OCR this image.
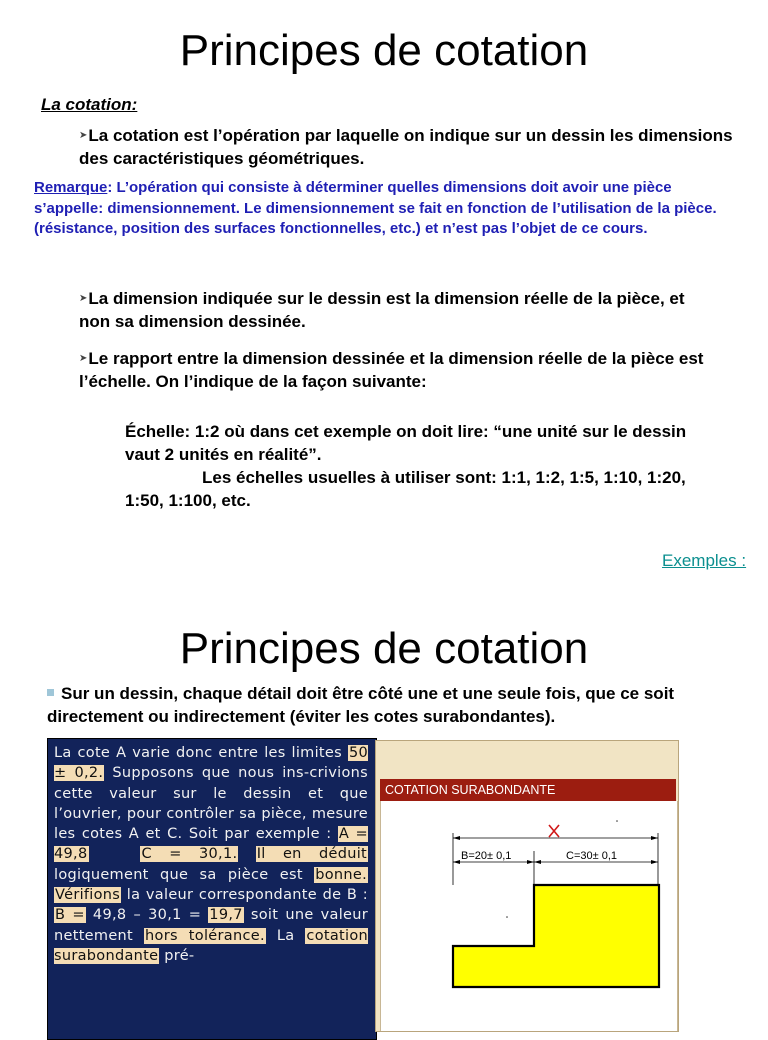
Principes de cotation
La cotation:
➤La cotation est l’opération par laquelle on indique sur un dessin les dimensions des caractéristiques géométriques.
Remarque: L’opération qui consiste à déterminer quelles dimensions doit avoir une pièce s’appelle: dimensionnement. Le dimensionnement se fait en fonction de l’utilisation de la pièce. (résistance, position des surfaces fonctionnelles, etc.) et n’est pas l’objet de ce cours.
➤La dimension indiquée sur le dessin est la dimension réelle de la pièce, et non sa dimension dessinée.
➤Le rapport entre la dimension dessinée et la dimension réelle de la pièce est l’échelle. On l’indique de la façon suivante:
Échelle: 1:2 où dans cet exemple on doit lire: “une unité sur le dessin vaut 2 unités en réalité”.
Les échelles usuelles à utiliser sont: 1:1, 1:2, 1:5, 1:10, 1:20, 1:50, 1:100, etc.
Exemples :
Principes de cotation
Sur un dessin, chaque détail doit être côté une et une seule fois, que ce soit directement ou indirectement (éviter les cotes surabondantes).
La cote A varie donc entre les limites 50 ± 0,2. Supposons que nous ins-crivions cette valeur sur le dessin et que l’ouvrier, pour contrôler sa pièce, mesure les cotes A et C. Soit par exemple : A = 49,8	C = 30,1. Il en déduit logiquement que sa pièce est bonne. Vérifions la valeur correspondante de B : B = 49,8 – 30,1 = 19,7 soit une valeur nettement hors tolérance. La cotation surabondante pré-
COTATION SURABONDANTE
B=20± 0,1	C=30± 0,1
